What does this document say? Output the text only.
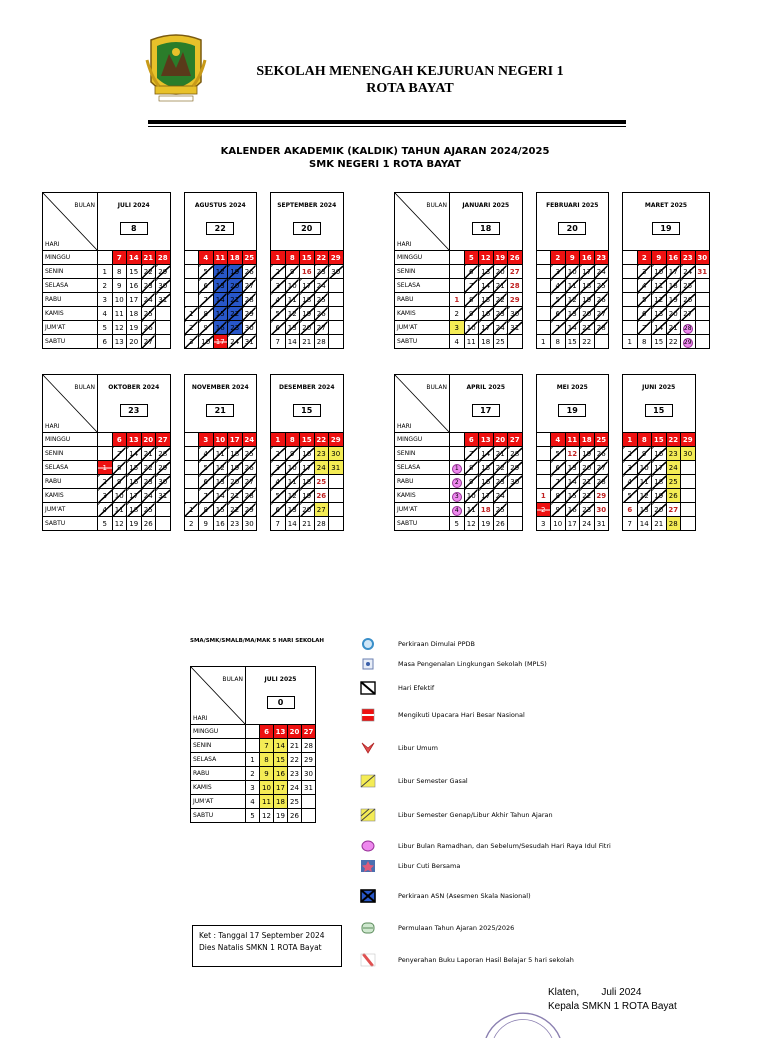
SEKOLAH MENENGAH KEJURUAN NEGERI 1
ROTA BAYAT
KALENDER AKADEMIK (KALDIK) TAHUN AJARAN 2024/2025
SMK NEGERI 1 ROTA BAYAT
BULAN
HARI	JULI 2024
8						AGUSTUS 2024
22						SEPTEMBER 2024
20				
MINGGU		7	14	21	28			4	11	18	25		1	8	15	22	29
SENIN	1	8	15	22	29			5	12	19	26		2	9	16	23	30
SELASA	2	9	16	23	30			6	13	20	27		3	10	17	24	
RABU	3	10	17	24	31			7	14	21	28		4	11	18	25	
KAMIS	4	11	18	25			1	8	15	22	29		5	12	19	26	
JUM'AT	5	12	19	26			2	9	16	23	30		6	13	20	27	
SABTU	6	13	20	27			3	10	17	24	31		7	14	21	28	
BULAN
HARI	JANUARI 2025
18						FEBRUARI 2025
20						MARET 2025
19					
MINGGU		5	12	19	26			2	9	16	23			2	9	16	23	30
SENIN		6	13	20	27			3	10	17	24			3	10	17	24	31
SELASA		7	14	21	28			4	11	18	25			4	11	18	25	
RABU	1	8	15	22	29			5	12	19	26			5	12	19	26	
KAMIS	2	9	16	23	30			6	13	20	27			6	13	20	27	
JUM'AT	3	10	17	24	31			7	14	21	28			7	14	21	28	
SABTU	4	11	18	25			1	8	15	22			1	8	15	22	29	
BULAN
HARI	OKTOBER 2024
23						NOVEMBER 2024
21						DESEMBER 2024
15				
MINGGU		6	13	20	27			3	10	17	24		1	8	15	22	29
SENIN		7	14	21	28			4	11	18	25		2	9	16	23	30
SELASA	1	8	15	22	29			5	12	19	26		3	10	17	24	31
RABU	2	9	16	23	30			6	13	20	27		4	11	18	25	
KAMIS	3	10	17	24	31			7	14	21	28		5	12	19	26	
JUM'AT	4	11	18	25			1	8	15	22	29		6	13	20	27	
SABTU	5	12	19	26			2	9	16	23	30		7	14	21	28	
BULAN
HARI	APRIL 2025
17						MEI 2025
19						JUNI 2025
15				
MINGGU		6	13	20	27			4	11	18	25		1	8	15	22	29
SENIN		7	14	21	28			5	12	19	26		2	9	16	23	30
SELASA	1	8	15	22	29			6	13	20	27		3	10	17	24	
RABU	2	9	16	23	30			7	14	21	28		4	11	18	25	
KAMIS	3	10	17	24			1	8	15	22	29		5	12	19	26	
JUM'AT	4	11	18	25			2	9	16	23	30		6	13	20	27	
SABTU	5	12	19	26			3	10	17	24	31		7	14	21	28	
BULAN
HARI	JULI 2025
0				
MINGGU		6	13	20	27
SENIN		7	14	21	28
SELASA	1	8	15	22	29
RABU	2	9	16	23	30
KAMIS	3	10	17	24	31
JUM'AT	4	11	18	25	
SABTU	5	12	19	26	
SMA/SMK/SMALB/MA/MAK 5 HARI SEKOLAH	Perkiraan Dimulai PPDB
Masa Pengenalan Lingkungan Sekolah (MPLS)
Hari Efektif
Mengikuti Upacara Hari Besar Nasional
Libur Umum
Libur Semester Gasal
Libur Semester Genap/Libur Akhir Tahun Ajaran
Libur Bulan Ramadhan, dan Sebelum/Sesudah Hari Raya Idul Fitri
Libur Cuti Bersama
Perkiraan ASN (Asesmen Skala Nasional)
Permulaan Tahun Ajaran 2025/2026
Penyerahan Buku Laporan Hasil Belajar 5 hari sekolah
Ket : Tanggal 17 September 2024
Dies Natalis SMKN 1 ROTA Bayat
Klaten,        Juli 2024
Kepala SMKN 1 ROTA Bayat
